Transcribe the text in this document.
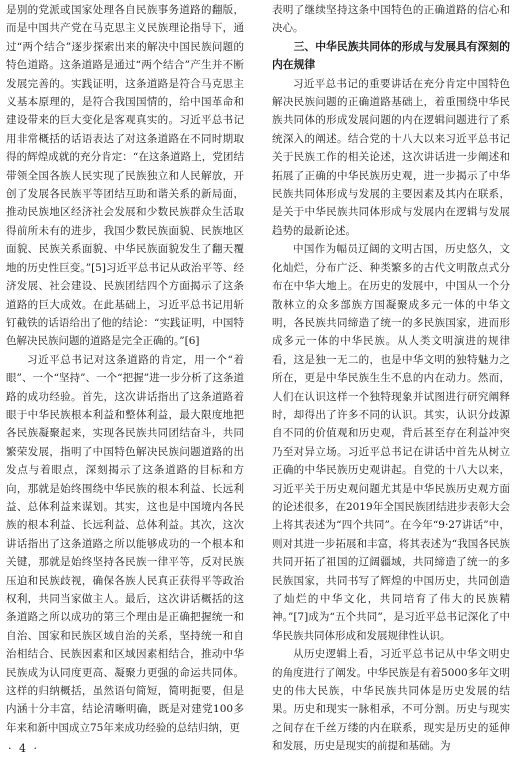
是别的党派或国家处理各自民族事务道路的翻版，而是中国共产党在马克思主义民族理论指导下，通过“两个结合”逐步探索出来的解决中国民族问题的特色道路。这条道路是通过“两个结合”产生并不断发展完善的。实践证明，这条道路是符合马克思主义基本原理的，是符合我国国情的，给中国革命和建设带来的巨大变化是客观真实的。习近平总书记用非常概括的话语表达了对这条道路在不同时期取得的辉煌成就的充分肯定：“在这条道路上，党团结带领全国各族人民实现了民族独立和人民解放，开创了发展各民族平等团结互助和谐关系的新局面，推动民族地区经济社会发展和少数民族群众生活取得前所未有的进步，我国少数民族面貌、民族地区面貌、民族关系面貌、中华民族面貌发生了翻天覆地的历史性巨变。”[5]习近平总书记从政治平等、经济发展、社会建设、民族团结四个方面揭示了这条道路的巨大成效。在此基础上，习近平总书记用斩钉截铁的话语给出了他的结论：“实践证明，中国特色解决民族问题的道路是完全正确的。”[6]

习近平总书记对这条道路的肯定，用一个“着眼”、一个“坚持”、一个“把握”进一步分析了这条道路的成功经验。首先，这次讲话指出了这条道路着眼于中华民族根本利益和整体利益，最大限度地把各民族凝聚起来，实现各民族共同团结奋斗，共同繁荣发展，指明了中国特色解决民族问题道路的出发点与着眼点，深刻揭示了这条道路的目标和方向，那就是始终围绕中华民族的根本利益、长远利益、总体利益来谋划。其实，这也是中国境内各民族的根本利益、长远利益、总体利益。其次，这次讲话指出了这条道路之所以能够成功的一个根本和关键，那就是始终坚持各民族一律平等，反对民族压迫和民族歧视，确保各族人民真正获得平等政治权利，共同当家做主人。最后，这次讲话概括的这条道路之所以成功的第三个理由是正确把握统一和自治、国家和民族区域自治的关系，坚持统一和自治相结合、民族因素和区域因素相结合，推动中华民族成为认同度更高、凝聚力更强的命运共同体。这样的归纳概括，虽然语句简短，简明扼要，但是内涵十分丰富，结论清晰明确，既是对建党100多年来和新中国成立75年来成功经验的总结归纳，更

表明了继续坚持这条中国特色的正确道路的信心和决心。

三、中华民族共同体的形成与发展具有深刻的内在规律

习近平总书记的重要讲话在充分肯定中国特色解决民族问题的正确道路基础上，着重围绕中华民族共同体的形成发展问题的内在逻辑问题进行了系统深入的阐述。结合党的十八大以来习近平总书记关于民族工作的相关论述，这次讲话进一步阐述和拓展了正确的中华民族历史观，进一步揭示了中华民族共同体形成与发展的主要因素及其内在联系，是关于中华民族共同体形成与发展内在逻辑与发展趋势的最新论述。

中国作为幅员辽阔的文明古国，历史悠久，文化灿烂，分布广泛、种类繁多的古代文明散点式分布在中华大地上。在历史的发展中，中国从一个分散林立的众多部族方国凝聚成多元一体的中华文明，各民族共同缔造了统一的多民族国家，进而形成多元一体的中华民族。从人类文明演进的规律看，这是独一无二的，也是中华文明的独特魅力之所在，更是中华民族生生不息的内在动力。然而，人们在认识这样一个独特现象并试图进行研究阐释时，却得出了许多不同的认识。其实，认识分歧源自不同的价值观和历史观，背后甚至存在利益冲突乃至对异立场。习近平总书记在讲话中首先从树立正确的中华民族历史观讲起。自党的十八大以来，习近平关于历史观问题尤其是中华民族历史观方面的论述很多，在2019年全国民族团结进步表彰大会上将其表述为“四个共同”。在今年“9·27讲话”中，则对其进一步拓展和丰富，将其表述为“我国各民族共同开拓了祖国的辽阔疆域，共同缔造了统一的多民族国家，共同书写了辉煌的中国历史，共同创造了灿烂的中华文化，共同培育了伟大的民族精神。”[7]成为“五个共同”，是习近平总书记深化了中华民族共同体形成和发展规律性认识。

从历史逻辑上看，习近平总书记从中华文明史的角度进行了阐发。中华民族是有着5000多年文明史的伟大民族，中华民族共同体是历史发展的结果。历史和现实一脉相承，不可分割。历史与现实之间存在千丝万缕的内在联系，现实是历史的延伸和发展，历史是现实的前提和基础。为

· 4 ·
